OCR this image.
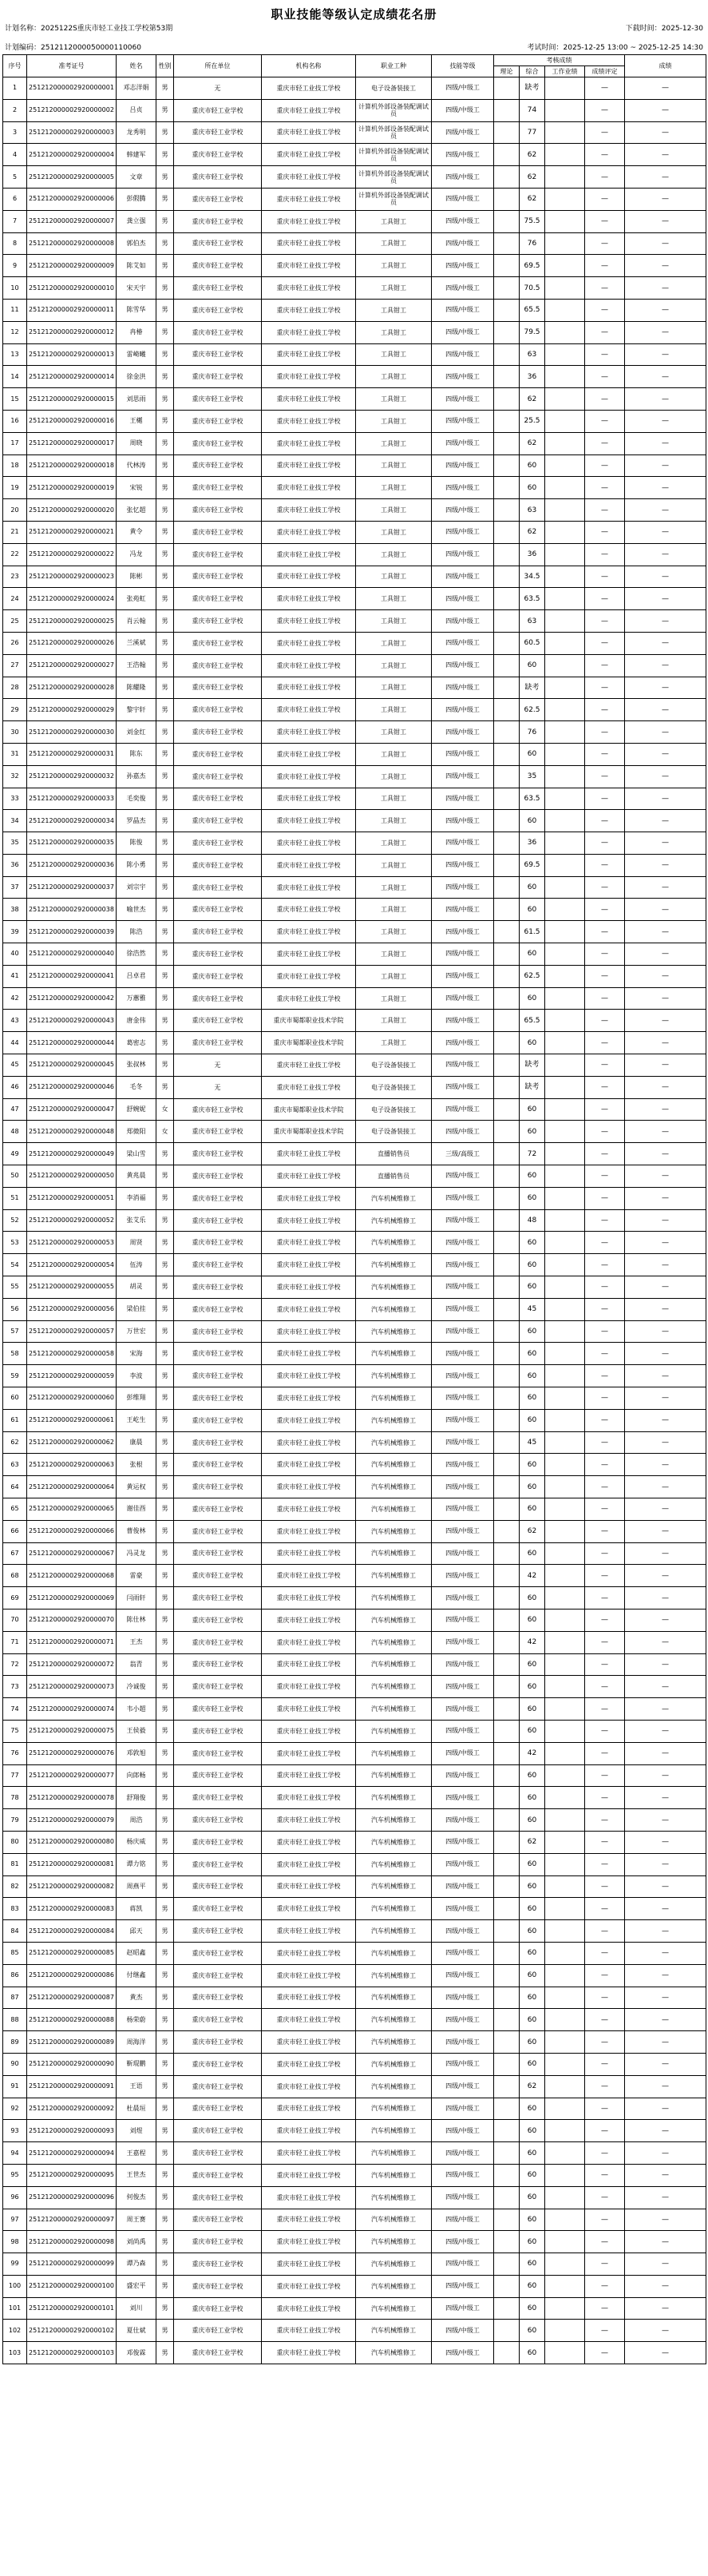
职业技能等级认定成绩花名册
计划名称：2025122S重庆市轻工业技工学校第53期	下载时间：2025-12-30
计划编码：2512112000050000110060	考试时间：2025-12-25 13:00 ~ 2025-12-25 14:30
序号	准考证号	姓名	性别	所在单位	机构名称	职业工种	技能等级	考核成绩				成绩
								理论	综合	工作业绩	成绩评定	
1	251212000002920000001	邓志洋娟	男	无	重庆市轻工业技工学校	电子设备装接工	四级/中级工		缺考		—	—
2	251212000002920000002	吕贞	男	重庆市轻工业学校	重庆市轻工业技工学校	计算机外部设备装配调试员	四级/中级工		74		—	—
3	251212000002920000003	龙秀明	男	重庆市轻工业学校	重庆市轻工业技工学校	计算机外部设备装配调试员	四级/中级工		77		—	—
4	251212000002920000004	韩建军	男	重庆市轻工业学校	重庆市轻工业技工学校	计算机外部设备装配调试员	四级/中级工		62		—	—
5	251212000002920000005	文章	男	重庆市轻工业学校	重庆市轻工业技工学校	计算机外部设备装配调试员	四级/中级工		62		—	—
6	251212000002920000006	彭假腾	男	重庆市轻工业学校	重庆市轻工业技工学校	计算机外部设备装配调试员	四级/中级工		62		—	—
7	251212000002920000007	龚立强	男	重庆市轻工业学校	重庆市轻工业技工学校	工具钳工	四级/中级工		75.5		—	—
8	251212000002920000008	郭伯杰	男	重庆市轻工业学校	重庆市轻工业技工学校	工具钳工	四级/中级工		76		—	—
9	251212000002920000009	陈艾如	男	重庆市轻工业学校	重庆市轻工业技工学校	工具钳工	四级/中级工		69.5		—	—
10	251212000002920000010	宋天宇	男	重庆市轻工业学校	重庆市轻工业技工学校	工具钳工	四级/中级工		70.5		—	—
11	251212000002920000011	陈雪华	男	重庆市轻工业学校	重庆市轻工业技工学校	工具钳工	四级/中级工		65.5		—	—
12	251212000002920000012	冉椿	男	重庆市轻工业学校	重庆市轻工业技工学校	工具钳工	四级/中级工		79.5		—	—
13	251212000002920000013	雷崎曦	男	重庆市轻工业学校	重庆市轻工业技工学校	工具钳工	四级/中级工		63		—	—
14	251212000002920000014	徐金洪	男	重庆市轻工业学校	重庆市轻工业技工学校	工具钳工	四级/中级工		36		—	—
15	251212000002920000015	刘思雨	男	重庆市轻工业学校	重庆市轻工业技工学校	工具钳工	四级/中级工		62		—	—
16	251212000002920000016	王樾	男	重庆市轻工业学校	重庆市轻工业技工学校	工具钳工	四级/中级工		25.5		—	—
17	251212000002920000017	周晓	男	重庆市轻工业学校	重庆市轻工业技工学校	工具钳工	四级/中级工		62		—	—
18	251212000002920000018	代林涛	男	重庆市轻工业学校	重庆市轻工业技工学校	工具钳工	四级/中级工		60		—	—
19	251212000002920000019	宋锐	男	重庆市轻工业学校	重庆市轻工业技工学校	工具钳工	四级/中级工		60		—	—
20	251212000002920000020	张忆超	男	重庆市轻工业学校	重庆市轻工业技工学校	工具钳工	四级/中级工		63		—	—
21	251212000002920000021	黄令	男	重庆市轻工业学校	重庆市轻工业技工学校	工具钳工	四级/中级工		62		—	—
22	251212000002920000022	冯龙	男	重庆市轻工业学校	重庆市轻工业技工学校	工具钳工	四级/中级工		36		—	—
23	251212000002920000023	陈彬	男	重庆市轻工业学校	重庆市轻工业技工学校	工具钳工	四级/中级工		34.5		—	—
24	251212000002920000024	张苑虹	男	重庆市轻工业学校	重庆市轻工业技工学校	工具钳工	四级/中级工		63.5		—	—
25	251212000002920000025	肖云翰	男	重庆市轻工业学校	重庆市轻工业技工学校	工具钳工	四级/中级工		63		—	—
26	251212000002920000026	兰溪斌	男	重庆市轻工业学校	重庆市轻工业技工学校	工具钳工	四级/中级工		60.5		—	—
27	251212000002920000027	王浩翰	男	重庆市轻工业学校	重庆市轻工业技工学校	工具钳工	四级/中级工		60		—	—
28	251212000002920000028	陈耀隆	男	重庆市轻工业学校	重庆市轻工业技工学校	工具钳工	四级/中级工		缺考		—	—
29	251212000002920000029	黎宇轩	男	重庆市轻工业学校	重庆市轻工业技工学校	工具钳工	四级/中级工		62.5		—	—
30	251212000002920000030	刘金红	男	重庆市轻工业学校	重庆市轻工业技工学校	工具钳工	四级/中级工		76		—	—
31	251212000002920000031	陈东	男	重庆市轻工业学校	重庆市轻工业技工学校	工具钳工	四级/中级工		60		—	—
32	251212000002920000032	孙嘉杰	男	重庆市轻工业学校	重庆市轻工业技工学校	工具钳工	四级/中级工		35		—	—
33	251212000002920000033	毛奕俊	男	重庆市轻工业学校	重庆市轻工业技工学校	工具钳工	四级/中级工		63.5		—	—
34	251212000002920000034	罗晶杰	男	重庆市轻工业学校	重庆市轻工业技工学校	工具钳工	四级/中级工		60		—	—
35	251212000002920000035	陈俊	男	重庆市轻工业学校	重庆市轻工业技工学校	工具钳工	四级/中级工		36		—	—
36	251212000002920000036	陈小勇	男	重庆市轻工业学校	重庆市轻工业技工学校	工具钳工	四级/中级工		69.5		—	—
37	251212000002920000037	刘宗宇	男	重庆市轻工业学校	重庆市轻工业技工学校	工具钳工	四级/中级工		60		—	—
38	251212000002920000038	喻世杰	男	重庆市轻工业学校	重庆市轻工业技工学校	工具钳工	四级/中级工		60		—	—
39	251212000002920000039	陈浩	男	重庆市轻工业学校	重庆市轻工业技工学校	工具钳工	四级/中级工		61.5		—	—
40	251212000002920000040	徐浩然	男	重庆市轻工业学校	重庆市轻工业技工学校	工具钳工	四级/中级工		60		—	—
41	251212000002920000041	吕卓君	男	重庆市轻工业学校	重庆市轻工业技工学校	工具钳工	四级/中级工		62.5		—	—
42	251212000002920000042	万蕙雅	男	重庆市轻工业学校	重庆市轻工业技工学校	工具钳工	四级/中级工		60		—	—
43	251212000002920000043	唐金伟	男	重庆市轻工业学校	重庆市蜀都职业技术学院	工具钳工	四级/中级工		65.5		—	—
44	251212000002920000044	葛密志	男	重庆市轻工业学校	重庆市蜀都职业技术学院	工具钳工	四级/中级工		60		—	—
45	251212000002920000045	张叔林	男	无	重庆市轻工业技工学校	电子设备装接工	四级/中级工		缺考		—	—
46	251212000002920000046	毛冬	男	无	重庆市轻工业技工学校	电子设备装接工	四级/中级工		缺考		—	—
47	251212000002920000047	舒婉妮	女	重庆市轻工业学校	重庆市蜀都职业技术学院	电子设备装接工	四级/中级工		60		—	—
48	251212000002920000048	郑微阳	女	重庆市轻工业学校	重庆市蜀都职业技术学院	电子设备装接工	四级/中级工		60		—	—
49	251212000002920000049	梁山雪	男	重庆市轻工业学校	重庆市轻工业技工学校	直播销售员	三级/高级工		72		—	—
50	251212000002920000050	黄兆晨	男	重庆市轻工业学校	重庆市轻工业技工学校	直播销售员	四级/中级工		60		—	—
51	251212000002920000051	李消福	男	重庆市轻工业学校	重庆市轻工业技工学校	汽车机械维修工	四级/中级工		60		—	—
52	251212000002920000052	张艾乐	男	重庆市轻工业学校	重庆市轻工业技工学校	汽车机械维修工	四级/中级工		48		—	—
53	251212000002920000053	周贤	男	重庆市轻工业学校	重庆市轻工业技工学校	汽车机械维修工	四级/中级工		60		—	—
54	251212000002920000054	伍涛	男	重庆市轻工业学校	重庆市轻工业技工学校	汽车机械维修工	四级/中级工		60		—	—
55	251212000002920000055	胡灵	男	重庆市轻工业学校	重庆市轻工业技工学校	汽车机械维修工	四级/中级工		60		—	—
56	251212000002920000056	梁伯挂	男	重庆市轻工业学校	重庆市轻工业技工学校	汽车机械维修工	四级/中级工		45		—	—
57	251212000002920000057	万世宏	男	重庆市轻工业学校	重庆市轻工业技工学校	汽车机械维修工	四级/中级工		60		—	—
58	251212000002920000058	宋海	男	重庆市轻工业学校	重庆市轻工业技工学校	汽车机械维修工	四级/中级工		60		—	—
59	251212000002920000059	李波	男	重庆市轻工业学校	重庆市轻工业技工学校	汽车机械维修工	四级/中级工		60		—	—
60	251212000002920000060	彭维翔	男	重庆市轻工业学校	重庆市轻工业技工学校	汽车机械维修工	四级/中级工		60		—	—
61	251212000002920000061	王屹生	男	重庆市轻工业学校	重庆市轻工业技工学校	汽车机械维修工	四级/中级工		60		—	—
62	251212000002920000062	康晨	男	重庆市轻工业学校	重庆市轻工业技工学校	汽车机械维修工	四级/中级工		45		—	—
63	251212000002920000063	张根	男	重庆市轻工业学校	重庆市轻工业技工学校	汽车机械维修工	四级/中级工		60		—	—
64	251212000002920000064	黄运权	男	重庆市轻工业学校	重庆市轻工业技工学校	汽车机械维修工	四级/中级工		60		—	—
65	251212000002920000065	谢佳酉	男	重庆市轻工业学校	重庆市轻工业技工学校	汽车机械维修工	四级/中级工		60		—	—
66	251212000002920000066	曹俊林	男	重庆市轻工业学校	重庆市轻工业技工学校	汽车机械维修工	四级/中级工		62		—	—
67	251212000002920000067	冯灵龙	男	重庆市轻工业学校	重庆市轻工业技工学校	汽车机械维修工	四级/中级工		60		—	—
68	251212000002920000068	雷豪	男	重庆市轻工业学校	重庆市轻工业技工学校	汽车机械维修工	四级/中级工		42		—	—
69	251212000002920000069	闫雨轩	男	重庆市轻工业学校	重庆市轻工业技工学校	汽车机械维修工	四级/中级工		60		—	—
70	251212000002920000070	陈仕林	男	重庆市轻工业学校	重庆市轻工业技工学校	汽车机械维修工	四级/中级工		60		—	—
71	251212000002920000071	王杰	男	重庆市轻工业学校	重庆市轻工业技工学校	汽车机械维修工	四级/中级工		42		—	—
72	251212000002920000072	翁青	男	重庆市轻工业学校	重庆市轻工业技工学校	汽车机械维修工	四级/中级工		60		—	—
73	251212000002920000073	冷诚俊	男	重庆市轻工业学校	重庆市轻工业技工学校	汽车机械维修工	四级/中级工		60		—	—
74	251212000002920000074	韦小超	男	重庆市轻工业学校	重庆市轻工业技工学校	汽车机械维修工	四级/中级工		60		—	—
75	251212000002920000075	王侯毅	男	重庆市轻工业学校	重庆市轻工业技工学校	汽车机械维修工	四级/中级工		60		—	—
76	251212000002920000076	邓敦旭	男	重庆市轻工业学校	重庆市轻工业技工学校	汽车机械维修工	四级/中级工		42		—	—
77	251212000002920000077	向郎畅	男	重庆市轻工业学校	重庆市轻工业技工学校	汽车机械维修工	四级/中级工		60		—	—
78	251212000002920000078	舒翔俊	男	重庆市轻工业学校	重庆市轻工业技工学校	汽车机械维修工	四级/中级工		60		—	—
79	251212000002920000079	周浩	男	重庆市轻工业学校	重庆市轻工业技工学校	汽车机械维修工	四级/中级工		60		—	—
80	251212000002920000080	杨庆威	男	重庆市轻工业学校	重庆市轻工业技工学校	汽车机械维修工	四级/中级工		62		—	—
81	251212000002920000081	谭力铭	男	重庆市轻工业学校	重庆市轻工业技工学校	汽车机械维修工	四级/中级工		60		—	—
82	251212000002920000082	周燕平	男	重庆市轻工业学校	重庆市轻工业技工学校	汽车机械维修工	四级/中级工		60		—	—
83	251212000002920000083	蒋凯	男	重庆市轻工业学校	重庆市轻工业技工学校	汽车机械维修工	四级/中级工		60		—	—
84	251212000002920000084	邱天	男	重庆市轻工业学校	重庆市轻工业技工学校	汽车机械维修工	四级/中级工		60		—	—
85	251212000002920000085	赵昭鑫	男	重庆市轻工业学校	重庆市轻工业技工学校	汽车机械维修工	四级/中级工		60		—	—
86	251212000002920000086	付继鑫	男	重庆市轻工业学校	重庆市轻工业技工学校	汽车机械维修工	四级/中级工		60		—	—
87	251212000002920000087	黄杰	男	重庆市轻工业学校	重庆市轻工业技工学校	汽车机械维修工	四级/中级工		60		—	—
88	251212000002920000088	杨荣蔚	男	重庆市轻工业学校	重庆市轻工业技工学校	汽车机械维修工	四级/中级工		60		—	—
89	251212000002920000089	周海洋	男	重庆市轻工业学校	重庆市轻工业技工学校	汽车机械维修工	四级/中级工		60		—	—
90	251212000002920000090	靳琨鹏	男	重庆市轻工业学校	重庆市轻工业技工学校	汽车机械维修工	四级/中级工		60		—	—
91	251212000002920000091	王语	男	重庆市轻工业学校	重庆市轻工业技工学校	汽车机械维修工	四级/中级工		62		—	—
92	251212000002920000092	杜晨垣	男	重庆市轻工业学校	重庆市轻工业技工学校	汽车机械维修工	四级/中级工		60		—	—
93	251212000002920000093	刘煜	男	重庆市轻工业学校	重庆市轻工业技工学校	汽车机械维修工	四级/中级工		60		—	—
94	251212000002920000094	王嘉程	男	重庆市轻工业学校	重庆市轻工业技工学校	汽车机械维修工	四级/中级工		60		—	—
95	251212000002920000095	王世杰	男	重庆市轻工业学校	重庆市轻工业技工学校	汽车机械维修工	四级/中级工		60		—	—
96	251212000002920000096	何俊杰	男	重庆市轻工业学校	重庆市轻工业技工学校	汽车机械维修工	四级/中级工		60		—	—
97	251212000002920000097	周王赛	男	重庆市轻工业学校	重庆市轻工业技工学校	汽车机械维修工	四级/中级工		60		—	—
98	251212000002920000098	刘尚禹	男	重庆市轻工业学校	重庆市轻工业技工学校	汽车机械维修工	四级/中级工		60		—	—
99	251212000002920000099	谭乃森	男	重庆市轻工业学校	重庆市轻工业技工学校	汽车机械维修工	四级/中级工		60		—	—
100	251212000002920000100	盛宏平	男	重庆市轻工业学校	重庆市轻工业技工学校	汽车机械维修工	四级/中级工		60		—	—
101	251212000002920000101	刘川	男	重庆市轻工业学校	重庆市轻工业技工学校	汽车机械维修工	四级/中级工		60		—	—
102	251212000002920000102	夏仕斌	男	重庆市轻工业学校	重庆市轻工业技工学校	汽车机械维修工	四级/中级工		60		—	—
103	251212000002920000103	邓俊霖	男	重庆市轻工业学校	重庆市轻工业技工学校	汽车机械维修工	四级/中级工		60		—	—
